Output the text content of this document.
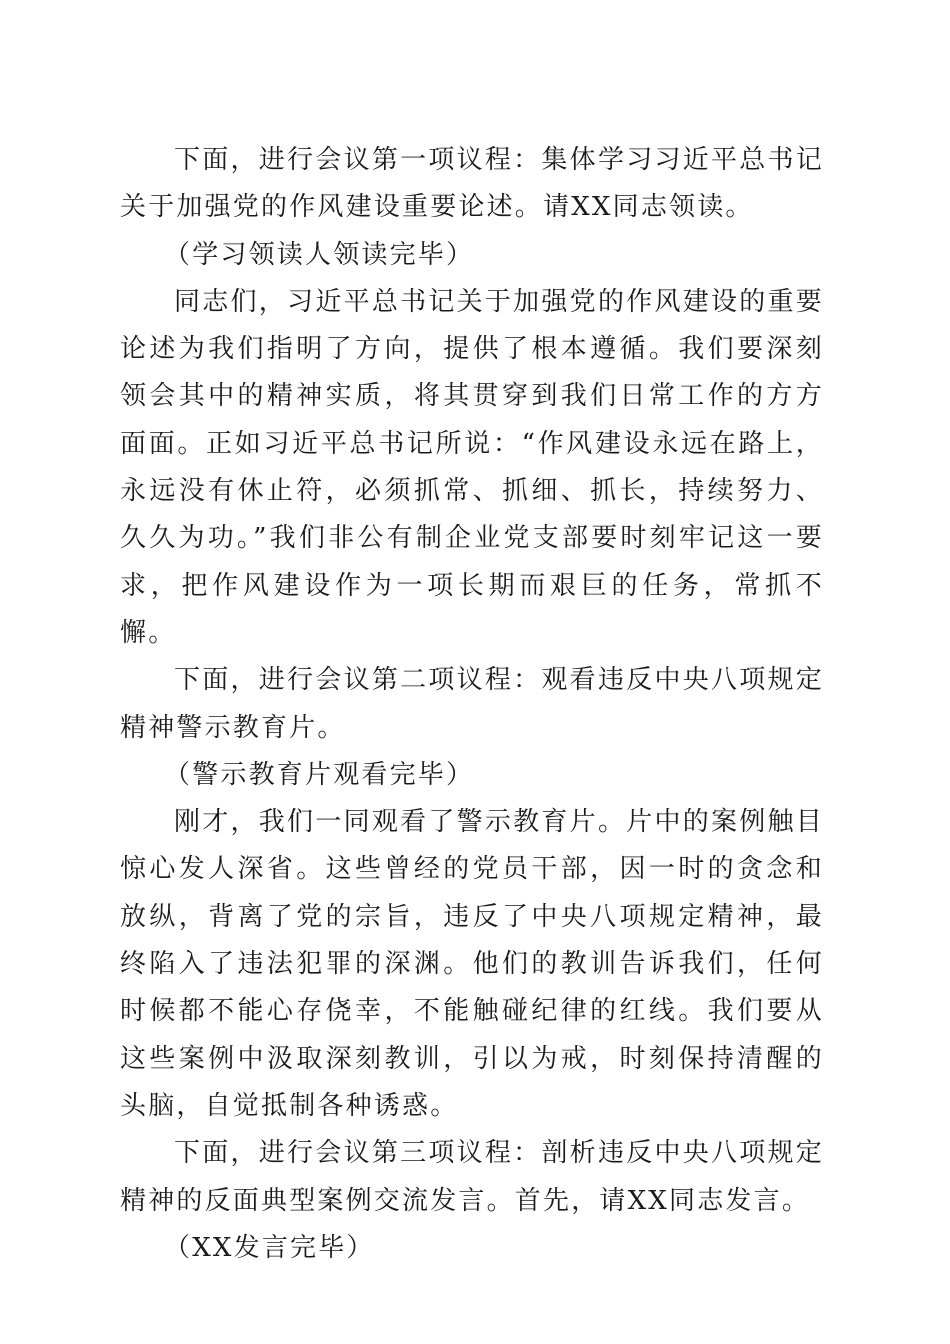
下面，进行会议第一项议程：集体学习习近平总书记关于加强党的作风建设重要论述。请XX同志领读。

（学习领读人领读完毕）

同志们，习近平总书记关于加强党的作风建设的重要论述为我们指明了方向，提供了根本遵循。我们要深刻领会其中的精神实质，将其贯穿到我们日常工作的方方面面。正如习近平总书记所说：“作风建设永远在路上，永远没有休止符，必须抓常、抓细、抓长，持续努力、久久为功。”我们非公有制企业党支部要时刻牢记这一要求，把作风建设作为一项长期而艰巨的任务，常抓不懈。

下面，进行会议第二项议程：观看违反中央八项规定精神警示教育片。

（警示教育片观看完毕）

刚才，我们一同观看了警示教育片。片中的案例触目惊心发人深省。这些曾经的党员干部，因一时的贪念和放纵，背离了党的宗旨，违反了中央八项规定精神，最终陷入了违法犯罪的深渊。他们的教训告诉我们，任何时候都不能心存侥幸，不能触碰纪律的红线。我们要从这些案例中汲取深刻教训，引以为戒，时刻保持清醒的头脑，自觉抵制各种诱惑。

下面，进行会议第三项议程：剖析违反中央八项规定精神的反面典型案例交流发言。首先，请XX同志发言。

（XX发言完毕）
